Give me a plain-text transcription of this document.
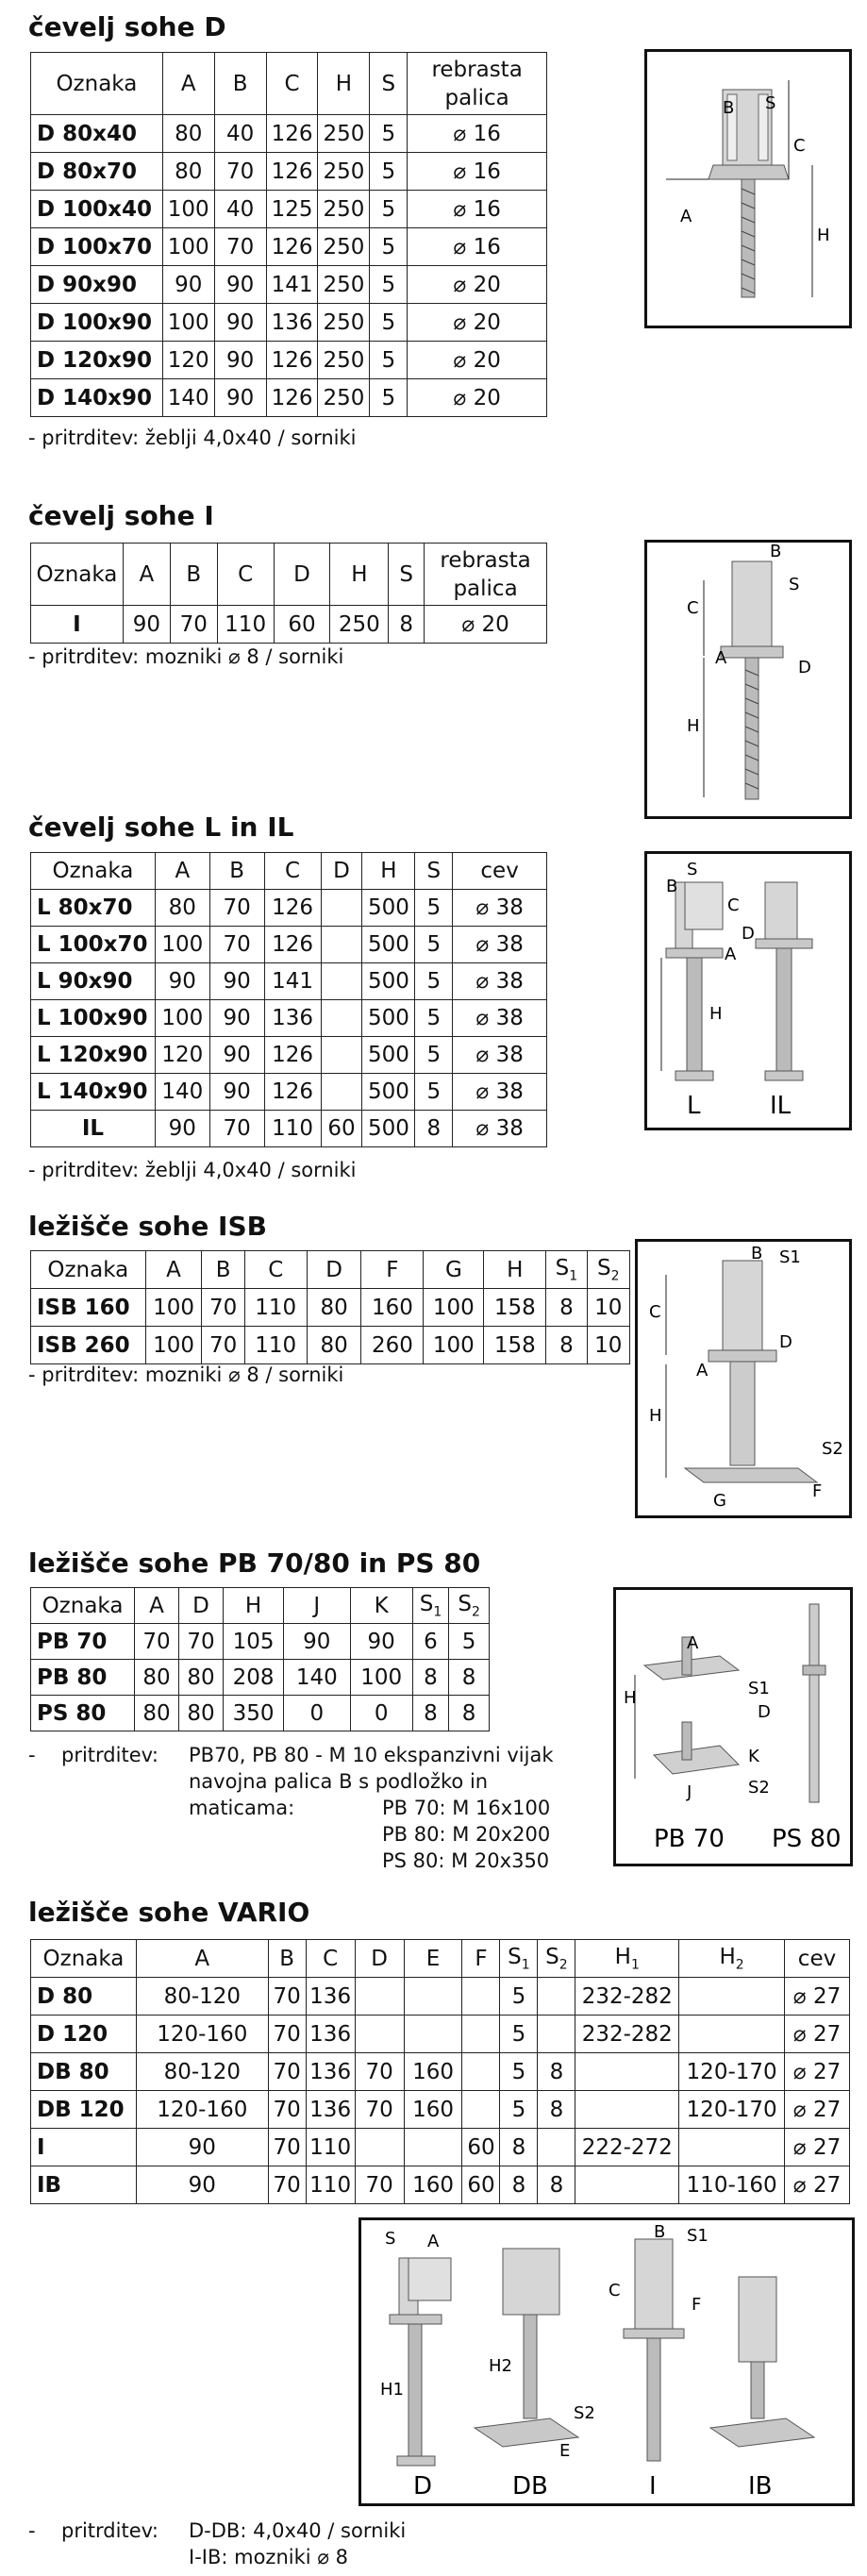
čevelj sohe D
Oznaka	A	B	C	H	S	rebrasta palica
D 80x40	80	40	126	250	5	⌀ 16
D 80x70	80	70	126	250	5	⌀ 16
D 100x40	100	40	125	250	5	⌀ 16
D 100x70	100	70	126	250	5	⌀ 16
D 90x90	90	90	141	250	5	⌀ 20
D 100x90	100	90	136	250	5	⌀ 20
D 120x90	120	90	126	250	5	⌀ 20
D 140x90	140	90	126	250	5	⌀ 20
- pritrditev: žeblji 4,0x40 / sorniki
B S
C
A
H
čevelj sohe I
Oznaka	A	B	C	D	H	S	rebrasta palica
I	90	70	110	60	250	8	⌀ 20
- pritrditev: mozniki ⌀ 8 / sorniki
B
S
C
A	D
H
čevelj sohe L in IL
Oznaka	A	B	C	D	H	S	cev
L 80x70	80	70	126		500	5	⌀ 38
L 100x70	100	70	126		500	5	⌀ 38
L 90x90	90	90	141		500	5	⌀ 38
L 100x90	100	90	136		500	5	⌀ 38
L 120x90	120	90	126		500	5	⌀ 38
L 140x90	140	90	126		500	5	⌀ 38
IL	90	70	110	60	500	8	⌀ 38
- pritrditev: žeblji 4,0x40 / sorniki
S
B
C
A
D
H
L	IL
ležišče sohe ISB
Oznaka	A	B	C	D	F	G	H	$S_1$	$S_2$
ISB 160	100	70	110	80	160	100	158	8	10
ISB 260	100	70	110	80	260	100	158	8	10
- pritrditev: mozniki ⌀ 8 / sorniki
B S1
C
D
A
H
S2
G	F
ležišče sohe PB 70/80 in PS 80
Oznaka	A	D	H	J	K	$S_1$	$S_2$
PB 70	70	70	105	90	90	6	5
PB 80	80	80	208	140	100	8	8
PS 80	80	80	350	0	0	8	8
- pritrditev: PB70, PB 80 - M 10 ekspanzivni vijak
navojna palica B s podložko in
maticama:	PB 70: M 16x100
PB 80: M 20x200
PS 80: M 20x350
A
H	S1
D
K
J	S2
PB 70 PS 80
ležišče sohe VARIO
Oznaka	A	B	C	D	E	F	$S_1$	$S_2$	$H_1$	$H_2$	cev
D 80	80-120	70	136				5		232-282		⌀ 27
D 120	120-160	70	136				5		232-282		⌀ 27
DB 80	80-120	70	136	70	160		5	8		120-170	⌀ 27
DB 120	120-160	70	136	70	160		5	8		120-170	⌀ 27
I	90	70	110			60	8		222-272		⌀ 27
IB	90	70	110	70	160	60	8	8		110-160	⌀ 27
S A	B S1
C
F
H1
H2
S2
E
D	DB	I	IB
- pritrditev: D-DB: 4,0x40 / sorniki
I-IB: mozniki ⌀ 8
